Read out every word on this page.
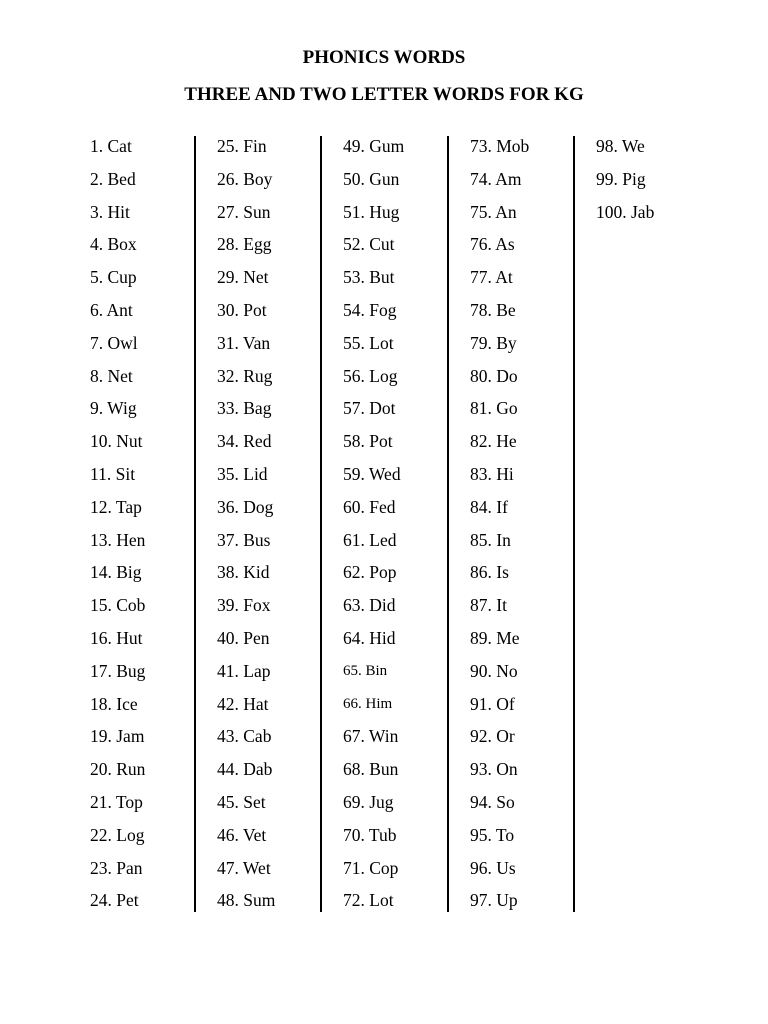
PHONICS WORDS
THREE AND TWO LETTER WORDS FOR KG
1. Cat
2. Bed
3. Hit
4. Box
5. Cup
6. Ant
7. Owl
8. Net
9. Wig
10. Nut
11. Sit
12. Tap
13. Hen
14. Big
15. Cob
16. Hut
17. Bug
18. Ice
19. Jam
20. Run
21. Top
22. Log
23. Pan
24. Pet
25. Fin
26. Boy
27. Sun
28. Egg
29. Net
30. Pot
31. Van
32. Rug
33. Bag
34. Red
35. Lid
36. Dog
37. Bus
38. Kid
39. Fox
40. Pen
41. Lap
42. Hat
43. Cab
44. Dab
45. Set
46. Vet
47. Wet
48. Sum
49. Gum
50. Gun
51. Hug
52. Cut
53. But
54. Fog
55. Lot
56. Log
57. Dot
58. Pot
59. Wed
60. Fed
61. Led
62. Pop
63. Did
64. Hid
65. Bin
66. Him
67. Win
68. Bun
69. Jug
70. Tub
71. Cop
72. Lot
73. Mob
74. Am
75. An
76. As
77. At
78. Be
79. By
80. Do
81. Go
82. He
83. Hi
84. If
85. In
86. Is
87. It
89. Me
90. No
91. Of
92. Or
93. On
94. So
95. To
96. Us
97. Up
98. We
99. Pig
100. Jab
